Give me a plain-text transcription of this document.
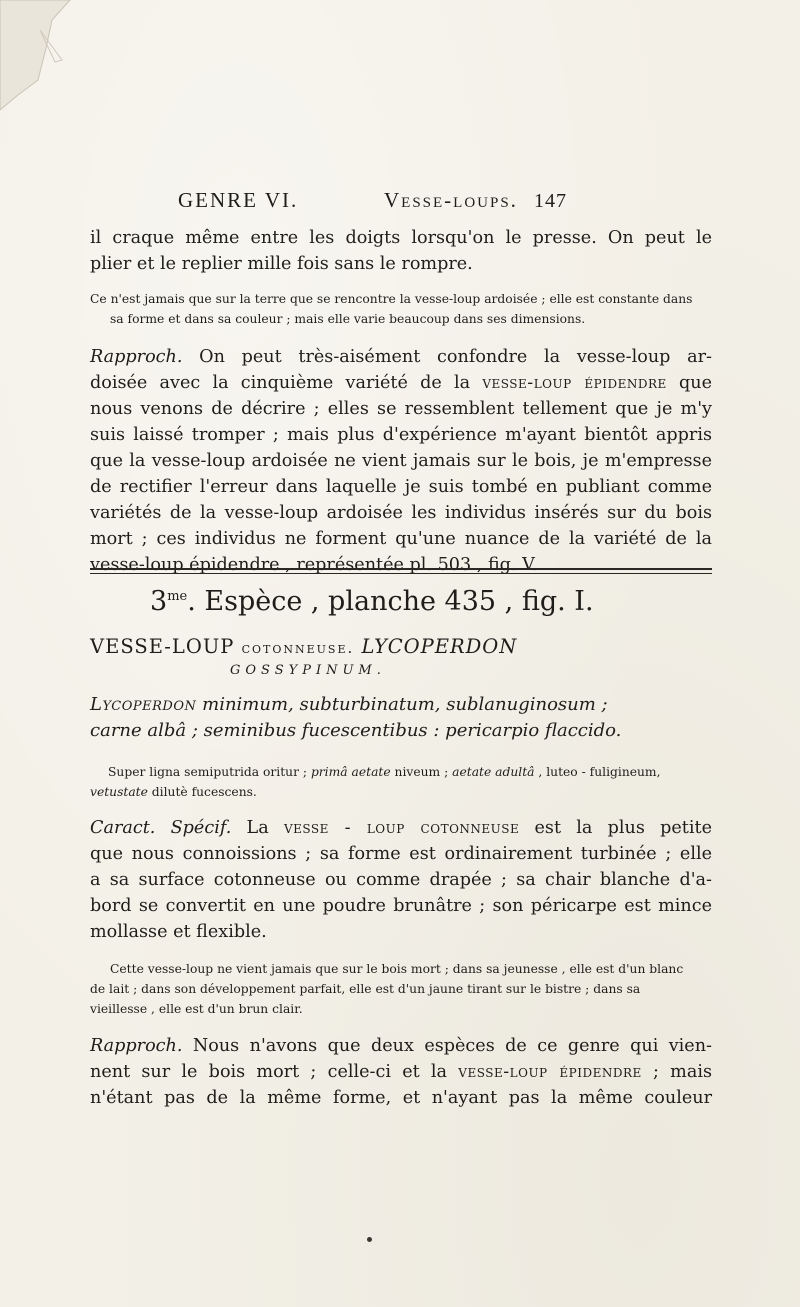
GENRE VI.	Vesse-loups. 147
il craque même entre les doigts lorsqu'on le presse. On peut le
plier et le replier mille fois sans le rompre.
Ce n'est jamais que sur la terre que se rencontre la vesse-loup ardoisée ; elle est constante dans
sa forme et dans sa couleur ; mais elle varie beaucoup dans ses dimensions.
Rapproch. On peut très-aisément confondre la vesse-loup ar-
doisée avec la cinquième variété de la vesse-loup épidendre que
nous venons de décrire ; elles se ressemblent tellement que je m'y
suis laissé tromper ; mais plus d'expérience m'ayant bientôt appris
que la vesse-loup ardoisée ne vient jamais sur le bois, je m'empresse
de rectifier l'erreur dans laquelle je suis tombé en publiant comme
variétés de la vesse-loup ardoisée les individus insérés sur du bois
mort ; ces individus ne forment qu'une nuance de la variété de la
vesse-loup épidendre , représentée pl. 503 , fig. V.
$3^{me}$. Espèce , planche 435 , fig. I.
VESSE-LOUP cotonneuse. LYCOPERDON
GOSSYPINUM.
Lycoperdon minimum, subturbinatum, sublanuginosum ;
carne albâ ; seminibus fucescentibus : pericarpio flaccido.
Super ligna semiputrida oritur ; primâ aetate niveum ; aetate adultâ , luteo - fuligineum,
vetustate dilutè fucescens.
Caract. Spécif. La vesse - loup cotonneuse est la plus petite
que nous connoissions ; sa forme est ordinairement turbinée ; elle
a sa surface cotonneuse ou comme drapée ; sa chair blanche d'a-
bord se convertit en une poudre brunâtre ; son péricarpe est mince
mollasse et flexible.
Cette vesse-loup ne vient jamais que sur le bois mort ; dans sa jeunesse , elle est d'un blanc
de lait ; dans son développement parfait, elle est d'un jaune tirant sur le bistre ; dans sa
vieillesse , elle est d'un brun clair.
Rapproch. Nous n'avons que deux espèces de ce genre qui vien-
nent sur le bois mort ; celle-ci et la vesse-loup épidendre ; mais
n'étant pas de la même forme, et n'ayant pas la même couleur
